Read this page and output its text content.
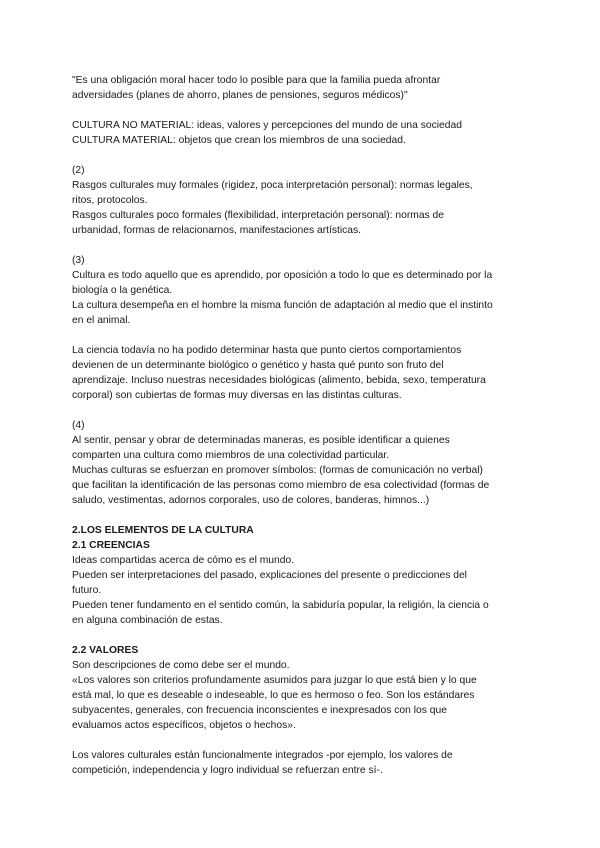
"Es una obligación moral hacer todo lo posible para que la familia pueda afrontar
adversidades (planes de ahorro, planes de pensiones, seguros médicos)"
CULTURA NO MATERIAL: ideas, valores y percepciones del mundo de una sociedad
CULTURA MATERIAL: objetos que crean los miembros de una sociedad.
(2)
Rasgos culturales muy formales (rigidez, poca interpretación personal): normas legales,
ritos, protocolos.
Rasgos culturales poco formales (flexibilidad, interpretación personal): normas de
urbanidad, formas de relacionarnos, manifestaciones artísticas.
(3)
Cultura es todo aquello que es aprendido, por oposición a todo lo que es determinado por la
biología o la genética.
La cultura desempeña en el hombre la misma función de adaptación al medio que el instinto
en el animal.
La ciencia todavía no ha podido determinar hasta que punto ciertos comportamientos
devienen de un determinante biológico o genético y hasta qué punto son fruto del
aprendizaje. Incluso nuestras necesidades biológicas (alimento, bebida, sexo, temperatura
corporal) son cubiertas de formas muy diversas en las distintas culturas.
(4)
Al sentir, pensar y obrar de determinadas maneras, es posible identificar a quienes
comparten una cultura como miembros de una colectividad particular.
Muchas culturas se esfuerzan en promover símbolos: (formas de comunicación no verbal)
que facilitan la identificación de las personas como miembro de esa colectividad (formas de
saludo, vestimentas, adornos corporales, uso de colores, banderas, himnos...)
2.LOS ELEMENTOS DE LA CULTURA
2.1 CREENCIAS
Ideas compartidas acerca de cómo es el mundo.
Pueden ser interpretaciones del pasado, explicaciones del presente o predicciones del
futuro.
Pueden tener fundamento en el sentido común, la sabiduría popular, la religión, la ciencia o
en alguna combinación de estas.
2.2 VALORES
Son descripciones de como debe ser el mundo.
«Los valores son criterios profundamente asumidos para juzgar lo que está bien y lo que
está mal, lo que es deseable o indeseable, lo que es hermoso o feo. Son los estándares
subyacentes, generales, con frecuencia inconscientes e inexpresados con los que
evaluamos actos específicos, objetos o hechos».
Los valores culturales están funcionalmente integrados -por ejemplo, los valores de
competición, independencia y logro individual se refuerzan entre sí-.
